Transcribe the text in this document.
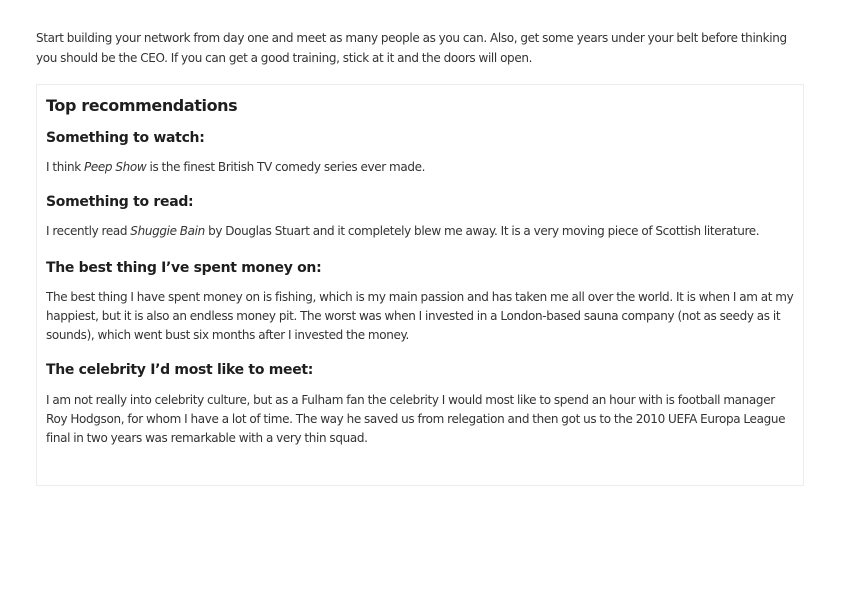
Start building your network from day one and meet as many people as you can. Also, get some years under your belt before thinking you should be the CEO. If you can get a good training, stick at it and the doors will open.

Top recommendations
Something to watch:

I think Peep Show is the finest British TV comedy series ever made.

Something to read:

I recently read Shuggie Bain by Douglas Stuart and it completely blew me away. It is a very moving piece of Scottish literature.

The best thing I’ve spent money on:

The best thing I have spent money on is fishing, which is my main passion and has taken me all over the world. It is when I am at my happiest, but it is also an endless money pit. The worst was when I invested in a London-based sauna company (not as seedy as it sounds), which went bust six months after I invested the money.

The celebrity I’d most like to meet:

I am not really into celebrity culture, but as a Fulham fan the celebrity I would most like to spend an hour with is football manager Roy Hodgson, for whom I have a lot of time. The way he saved us from relegation and then got us to the 2010 UEFA Europa League final in two years was remarkable with a very thin squad.
